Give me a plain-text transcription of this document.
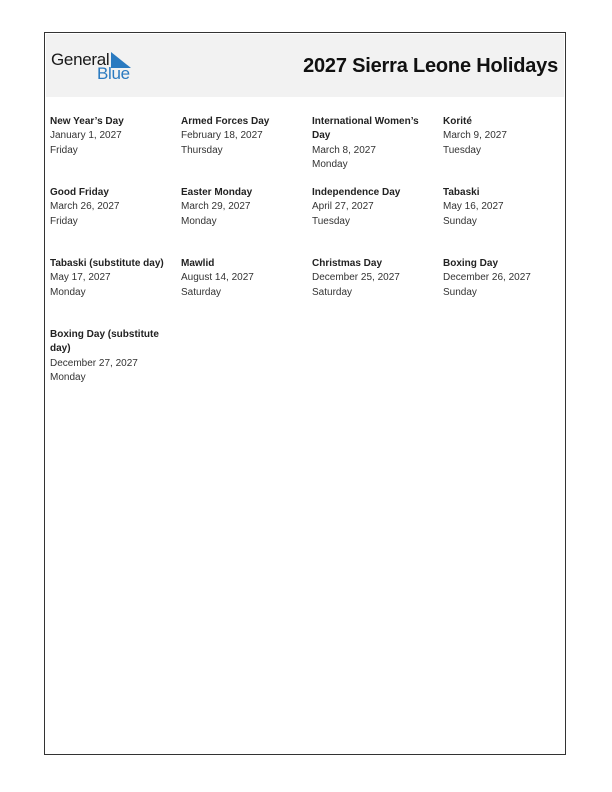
General
Blue	2027 Sierra Leone Holidays
New Year’s Day
January 1, 2027
Friday
Armed Forces Day
February 18, 2027
Thursday
International Women’s Day
March 8, 2027
Monday
Korité
March 9, 2027
Tuesday
Good Friday
March 26, 2027
Friday
Easter Monday
March 29, 2027
Monday
Independence Day
April 27, 2027
Tuesday
Tabaski
May 16, 2027
Sunday
Tabaski (substitute day)
May 17, 2027
Monday
Mawlid
August 14, 2027
Saturday
Christmas Day
December 25, 2027
Saturday
Boxing Day
December 26, 2027
Sunday
Boxing Day (substitute day)
December 27, 2027
Monday
